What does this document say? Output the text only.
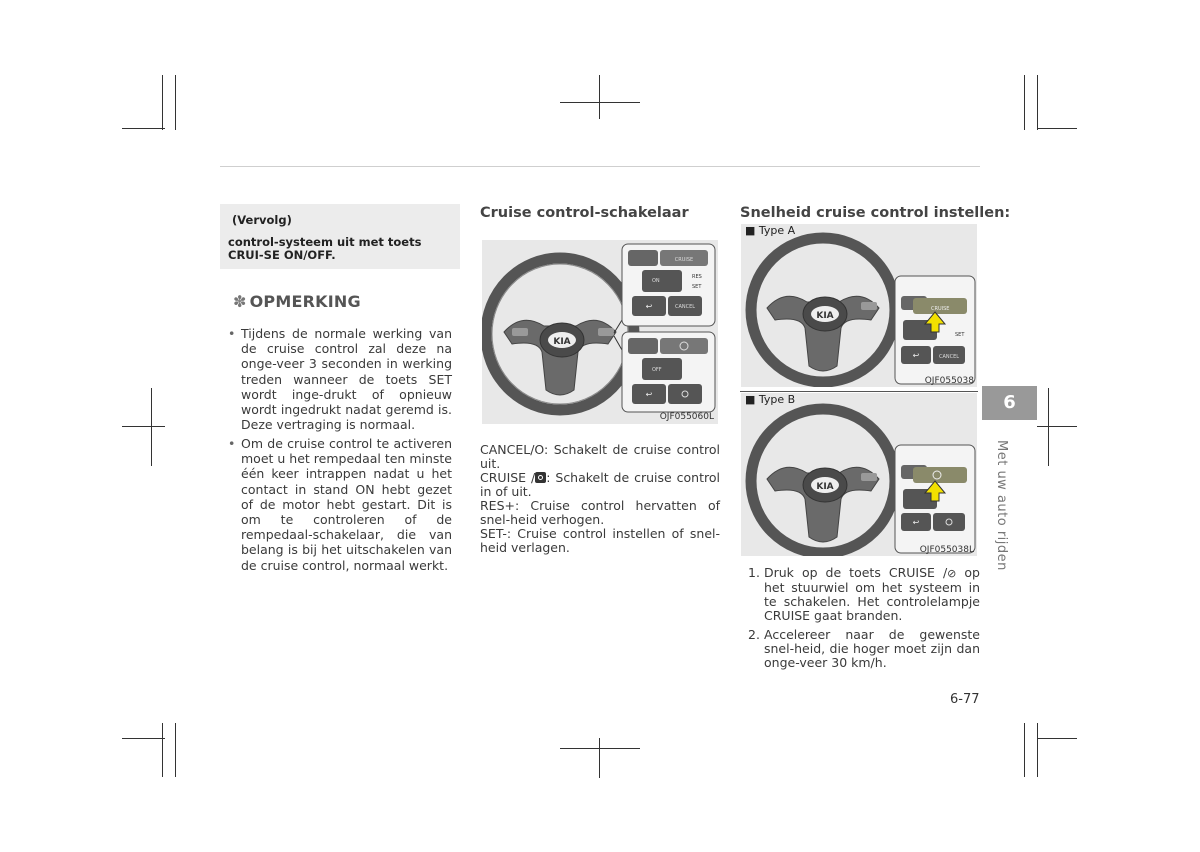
(Vervolg)
control-systeem uit met toets CRUI-SE ON/OFF.
✽ OPMERKING
• Tijdens de normale werking van de cruise control zal deze na onge-veer 3 seconden in werking treden wanneer de toets SET wordt inge-drukt of opnieuw wordt ingedrukt nadat geremd is. Deze vertraging is normaal.
• Om de cruise control te activeren moet u het rempedaal ten minste één keer intrappen nadat u het contact in stand ON hebt gezet of de motor hebt gestart. Dit is om te controleren of de rempedaal-schakelaar, die van belang is bij het uitschakelen van de cruise control, normaal werkt.
Cruise control-schakelaar
KIA
CRUISE
ON
RES
SET
↩	CANCEL
OFF
↩
OJF055060L
CANCEL/O: Schakelt de cruise control uit.
CRUISE / : Schakelt de cruise control in of uit.
RES+: Cruise control hervatten of snel-heid verhogen.
SET-: Cruise control instellen of snel-heid verlagen.
Snelheid cruise control instellen:
KIA
CRUISE
SET
↩	CANCEL
■ Type A
OJF055038
KIA
↩
■ Type B
OJF055038L
1. Druk op de toets CRUISE /⊘ op het stuurwiel om het systeem in te schakelen. Het controlelampje CRUISE gaat branden.
2. Accelereer naar de gewenste snel-heid, die hoger moet zijn dan onge-veer 30 km/h.
6
Met uw auto rijden
6-77
